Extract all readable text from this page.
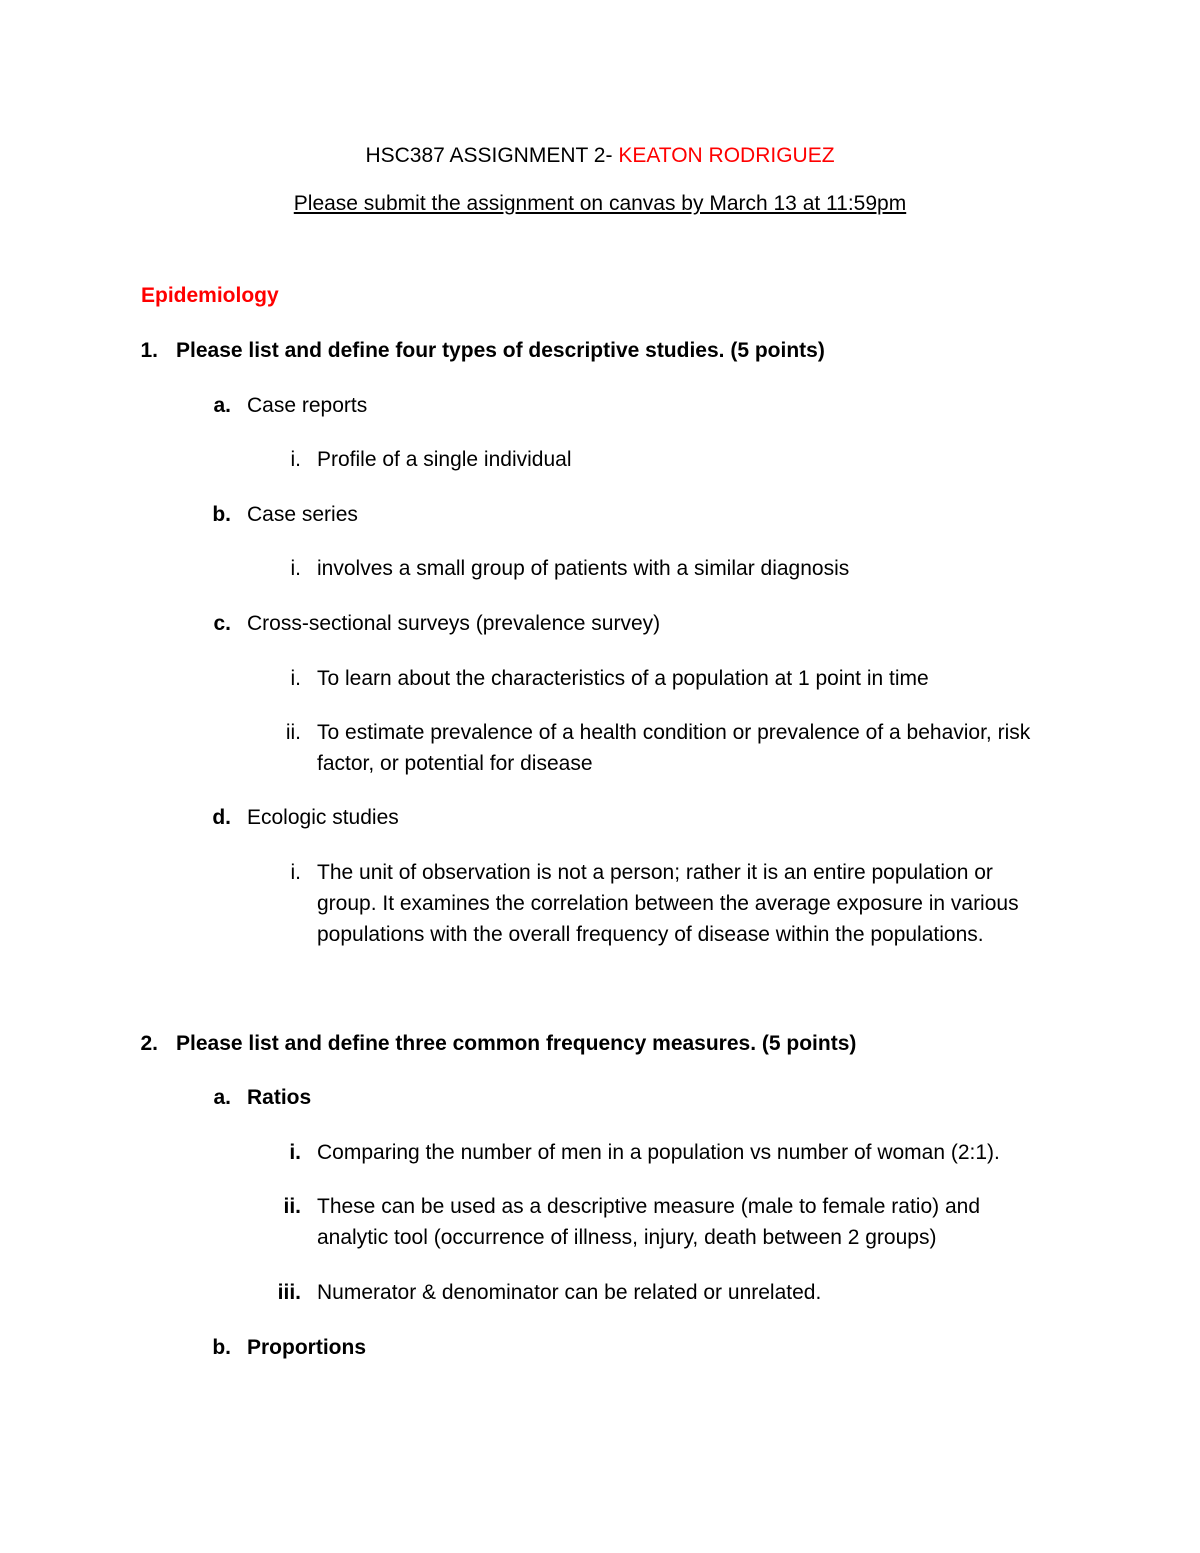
HSC387 ASSIGNMENT 2- KEATON RODRIGUEZ
Please submit the assignment on canvas by March 13 at 11:59pm
Epidemiology
1. Please list and define four types of descriptive studies. (5 points)
a. Case reports
i. Profile of a single individual
b. Case series
i. involves a small group of patients with a similar diagnosis
c. Cross-sectional surveys (prevalence survey)
i. To learn about the characteristics of a population at 1 point in time
ii. To estimate prevalence of a health condition or prevalence of a behavior, risk
factor, or potential for disease
d. Ecologic studies
i. The unit of observation is not a person; rather it is an entire population or
group. It examines the correlation between the average exposure in various
populations with the overall frequency of disease within the populations.
2. Please list and define three common frequency measures. (5 points)
a. Ratios
i. Comparing the number of men in a population vs number of woman (2:1).
ii. These can be used as a descriptive measure (male to female ratio) and
analytic tool (occurrence of illness, injury, death between 2 groups)
iii. Numerator & denominator can be related or unrelated.
b. Proportions
